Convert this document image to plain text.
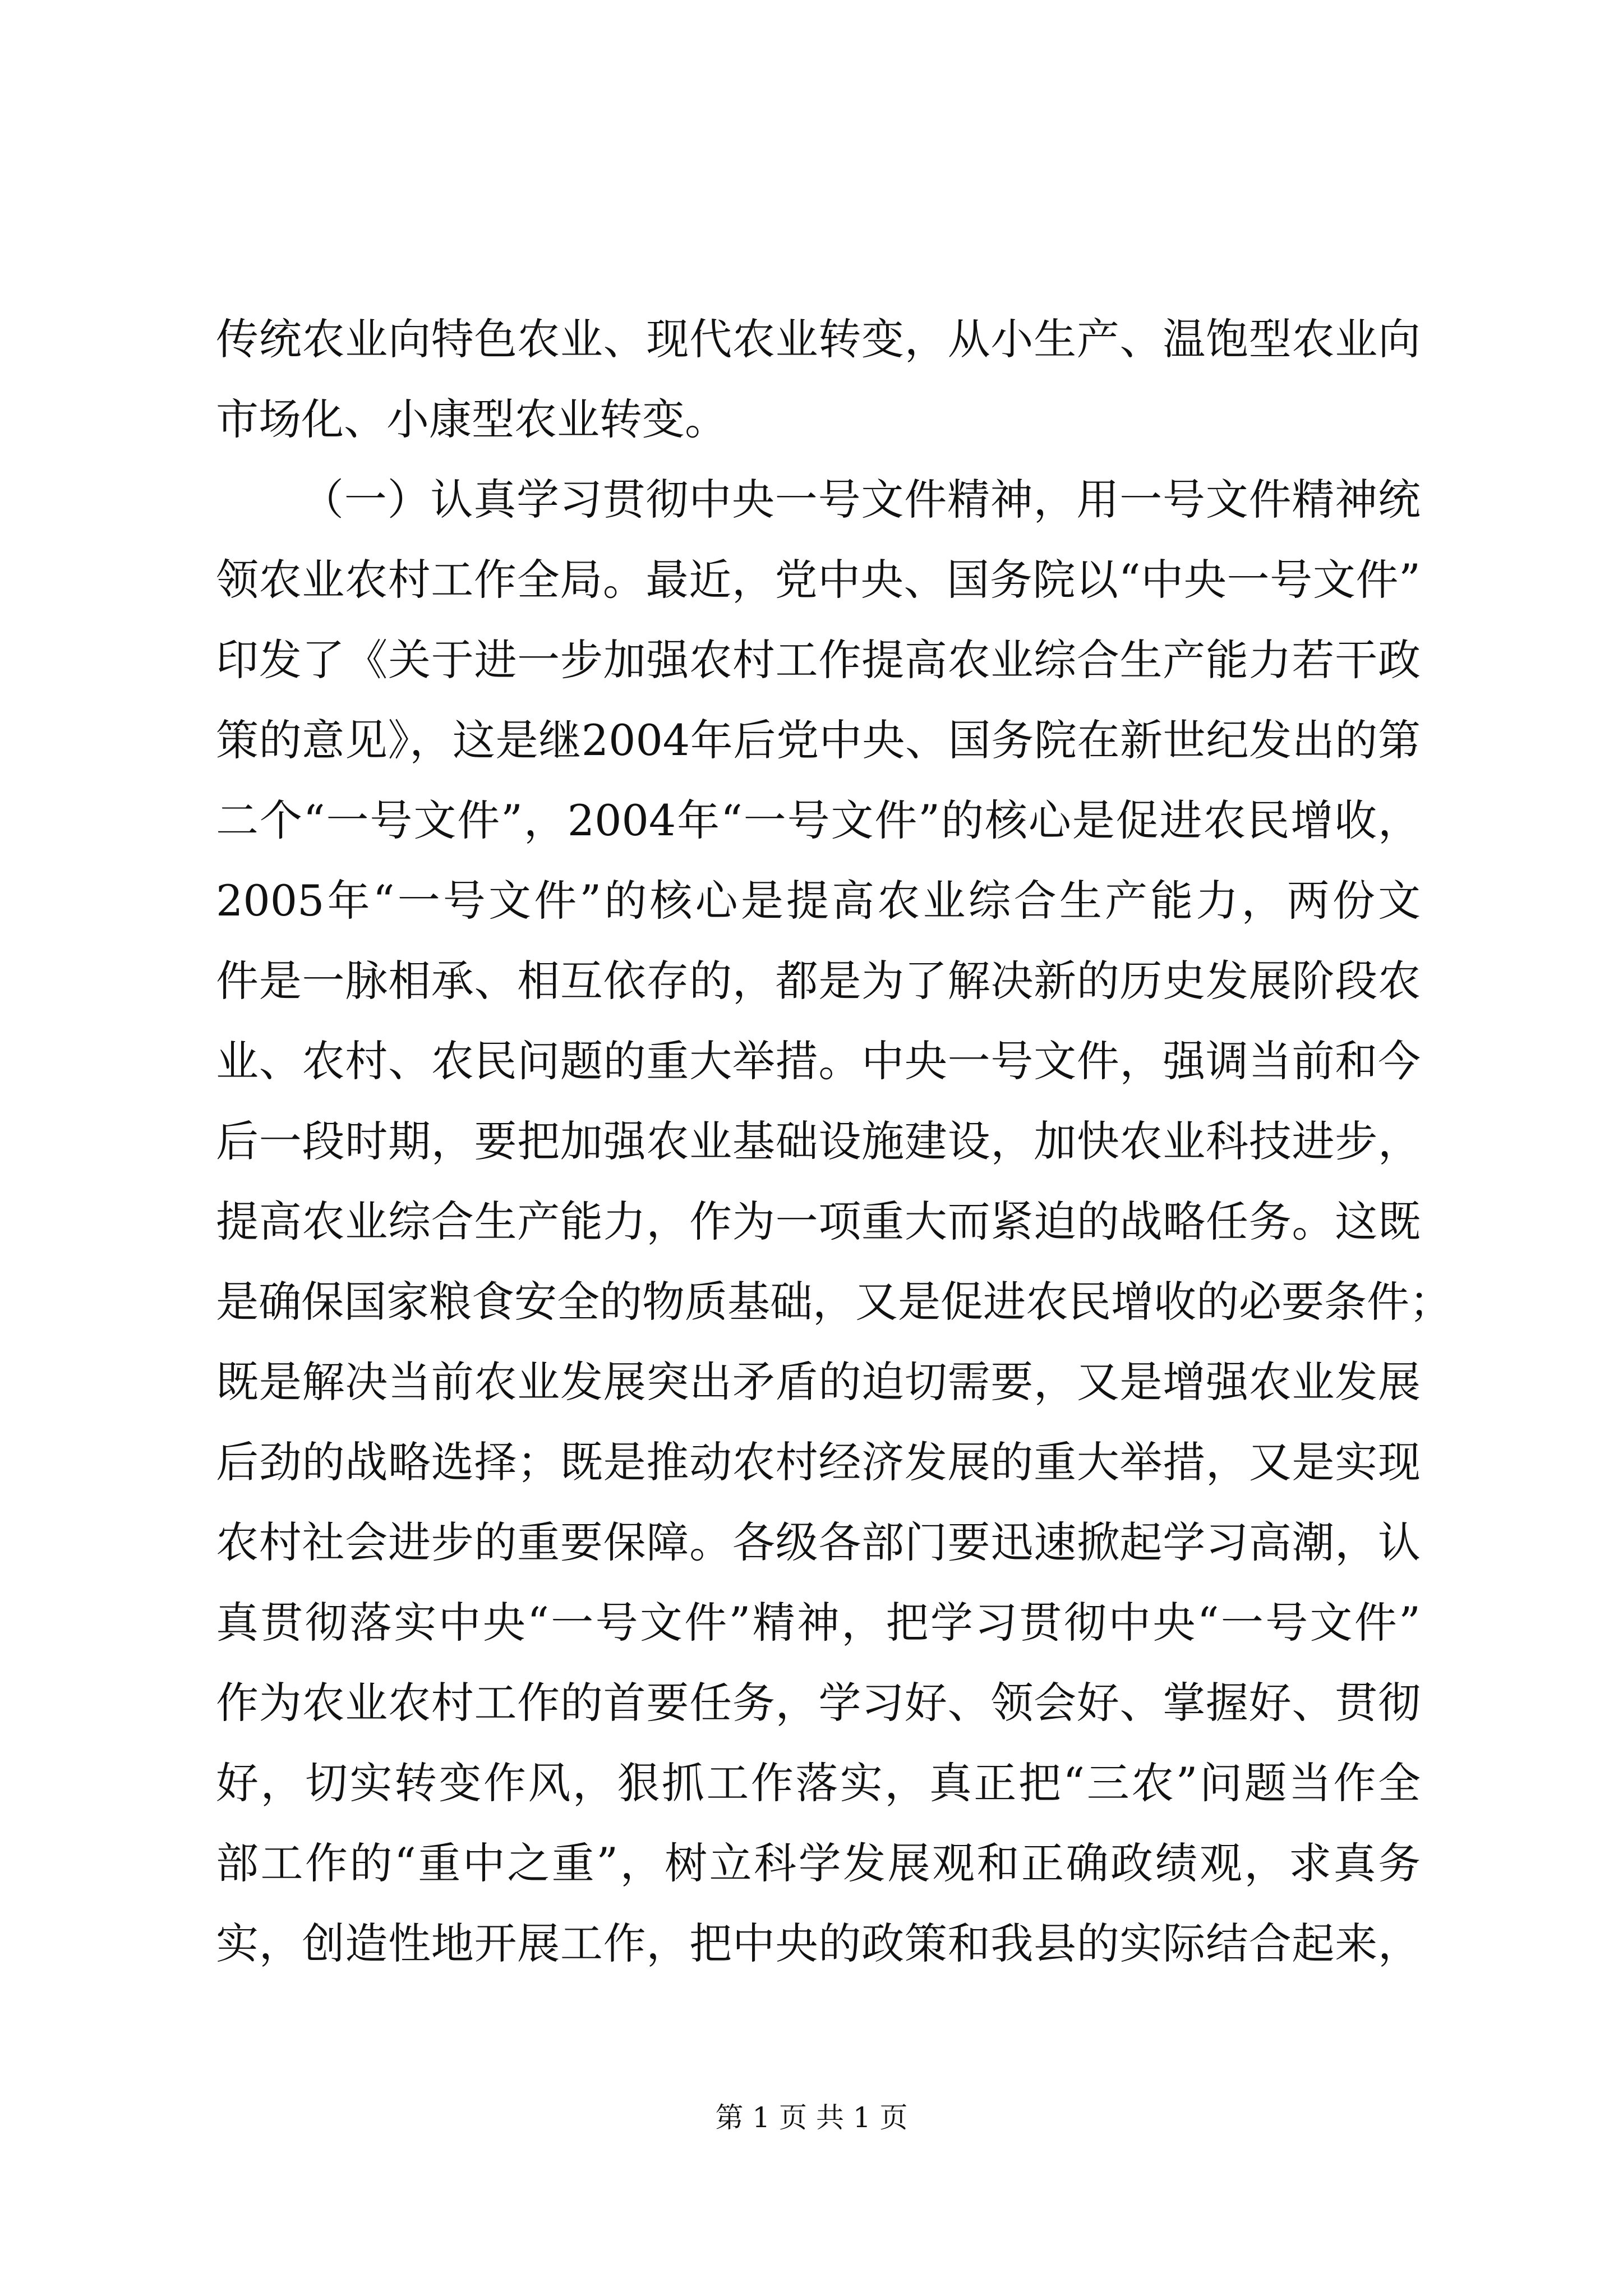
传统农业向特色农业、现代农业转变，从小生产、温饱型农业向
市场化、小康型农业转变。
（一）认真学习贯彻中央一号文件精神，用一号文件精神统
领农业农村工作全局。最近，党中央、国务院以“中央一号文件”
印发了《关于进一步加强农村工作提高农业综合生产能力若干政
策的意见》，这是继2004年后党中央、国务院在新世纪发出的第
二个“一号文件”，2004年“一号文件”的核心是促进农民增收，
2005年“一号文件”的核心是提高农业综合生产能力，两份文
件是一脉相承、相互依存的，都是为了解决新的历史发展阶段农
业、农村、农民问题的重大举措。中央一号文件，强调当前和今
后一段时期，要把加强农业基础设施建设，加快农业科技进步，
提高农业综合生产能力，作为一项重大而紧迫的战略任务。这既
是确保国家粮食安全的物质基础，又是促进农民增收的必要条件；
既是解决当前农业发展突出矛盾的迫切需要，又是增强农业发展
后劲的战略选择；既是推动农村经济发展的重大举措，又是实现
农村社会进步的重要保障。各级各部门要迅速掀起学习高潮，认
真贯彻落实中央“一号文件”精神，把学习贯彻中央“一号文件”
作为农业农村工作的首要任务，学习好、领会好、掌握好、贯彻
好，切实转变作风，狠抓工作落实，真正把“三农”问题当作全
部工作的“重中之重”，树立科学发展观和正确政绩观，求真务
实，创造性地开展工作，把中央的政策和我县的实际结合起来，
第 1 页 共 1 页
